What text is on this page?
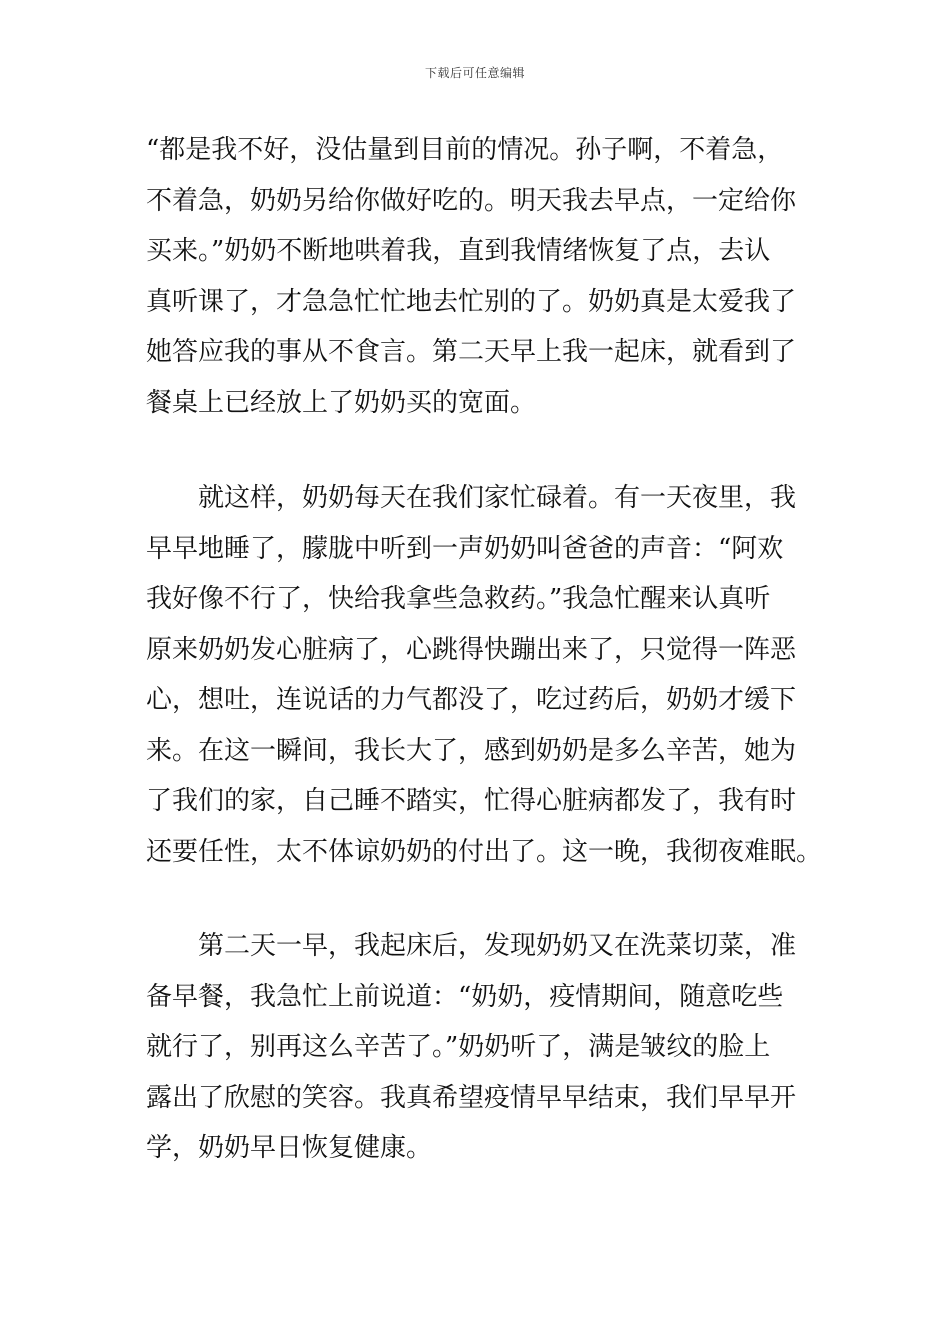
下载后可任意编辑
“都是我不好，没估量到目前的情况。孙子啊，不着急，
不着急，奶奶另给你做好吃的。明天我去早点，一定给你
买来。”奶奶不断地哄着我，直到我情绪恢复了点，去认
真听课了，才急急忙忙地去忙别的了。奶奶真是太爱我了
她答应我的事从不食言。第二天早上我一起床，就看到了
餐桌上已经放上了奶奶买的宽面。
就这样，奶奶每天在我们家忙碌着。有一天夜里，我
早早地睡了，朦胧中听到一声奶奶叫爸爸的声音：“阿欢
我好像不行了，快给我拿些急救药。”我急忙醒来认真听
原来奶奶发心脏病了，心跳得快蹦出来了，只觉得一阵恶
心，想吐，连说话的力气都没了，吃过药后，奶奶才缓下
来。在这一瞬间，我长大了，感到奶奶是多么辛苦，她为
了我们的家，自己睡不踏实，忙得心脏病都发了，我有时
还要任性，太不体谅奶奶的付出了。这一晚，我彻夜难眠。
第二天一早，我起床后，发现奶奶又在洗菜切菜，准
备早餐，我急忙上前说道：“奶奶，疫情期间，随意吃些
就行了，别再这么辛苦了。”奶奶听了，满是皱纹的脸上
露出了欣慰的笑容。我真希望疫情早早结束，我们早早开
学，奶奶早日恢复健康。
